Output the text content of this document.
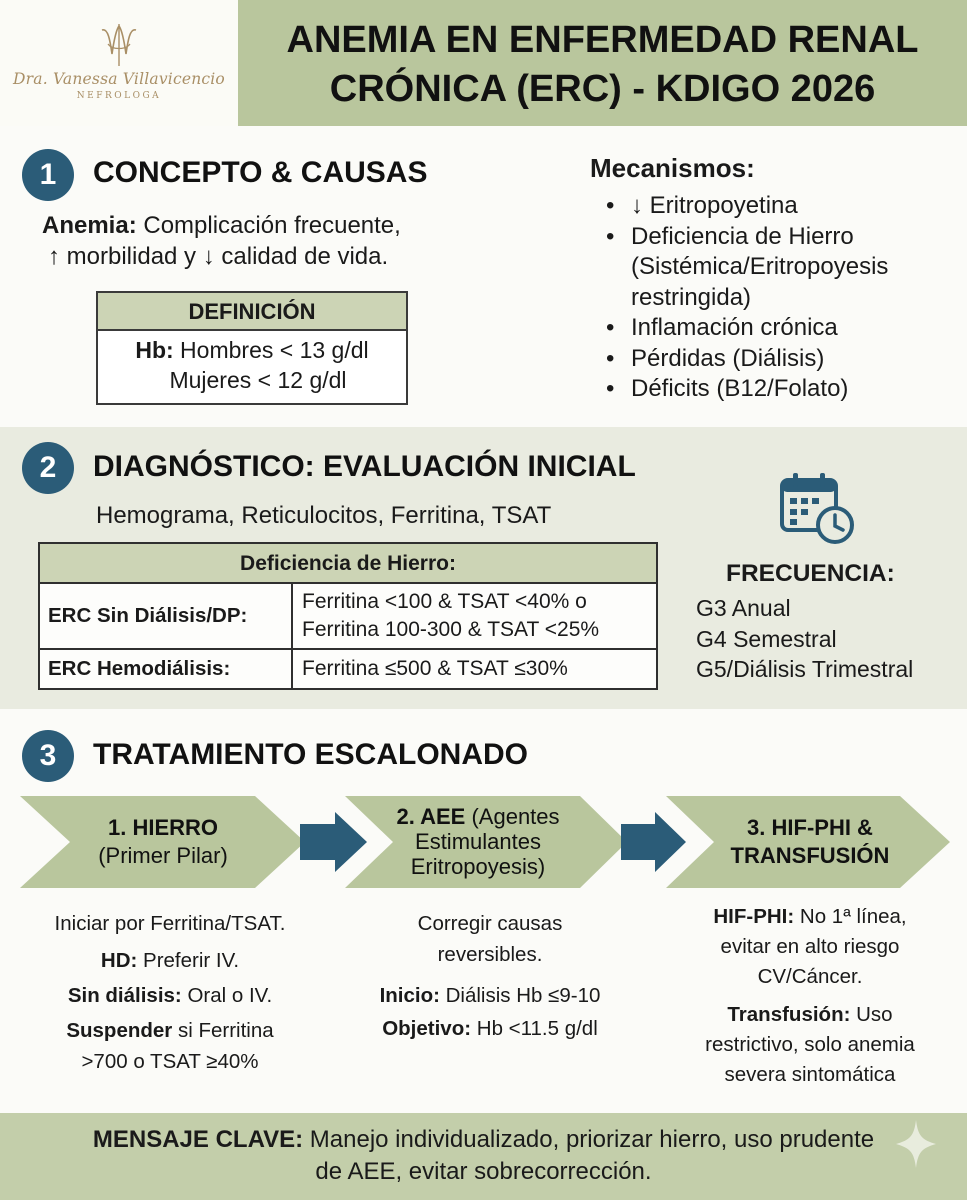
Dra. Vanessa Villavicencio
NEFROLOGA
ANEMIA EN ENFERMEDAD RENAL
CRÓNICA (ERC) - KDIGO 2026
1	CONCEPTO & CAUSAS
Anemia: Complicación frecuente,
↑ morbilidad y ↓ calidad de vida.
DEFINICIÓN
Hb: Hombres < 13 g/dl
Mujeres < 12 g/dl
Mecanismos:
• ↓ Eritropoyetina
• Deficiencia de Hierro (Sistémica/Eritropoyesis restringida)
• Inflamación crónica
• Pérdidas (Diálisis)
• Déficits (B12/Folato)
2	DIAGNÓSTICO: EVALUACIÓN INICIAL
Hemograma, Reticulocitos, Ferritina, TSAT
Deficiencia de Hierro:
ERC Sin Diálisis/DP:
Ferritina <100 & TSAT <40% o
Ferritina 100-300 & TSAT <25%
ERC Hemodiálisis:	Ferritina ≤500 & TSAT ≤30%
FRECUENCIA:
G3 Anual
G4 Semestral
G5/Diálisis Trimestral
3	TRATAMIENTO ESCALONADO
1. HIERRO
(Primer Pilar)
2. AEE (Agentes
Estimulantes
Eritropoyesis)
3. HIF-PHI &
TRANSFUSIÓN
Iniciar por Ferritina/TSAT.
HD: Preferir IV.
Sin diálisis: Oral o IV.
Suspender si Ferritina
>700 o TSAT ≥40%
Corregir causas
reversibles.
Inicio: Diálisis Hb ≤9-10
Objetivo: Hb <11.5 g/dl
HIF-PHI: No 1ª línea,
evitar en alto riesgo
CV/Cáncer.
Transfusión: Uso
restrictivo, solo anemia
severa sintomática
MENSAJE CLAVE: Manejo individualizado, priorizar hierro, uso prudente
de AEE, evitar sobrecorrección.
